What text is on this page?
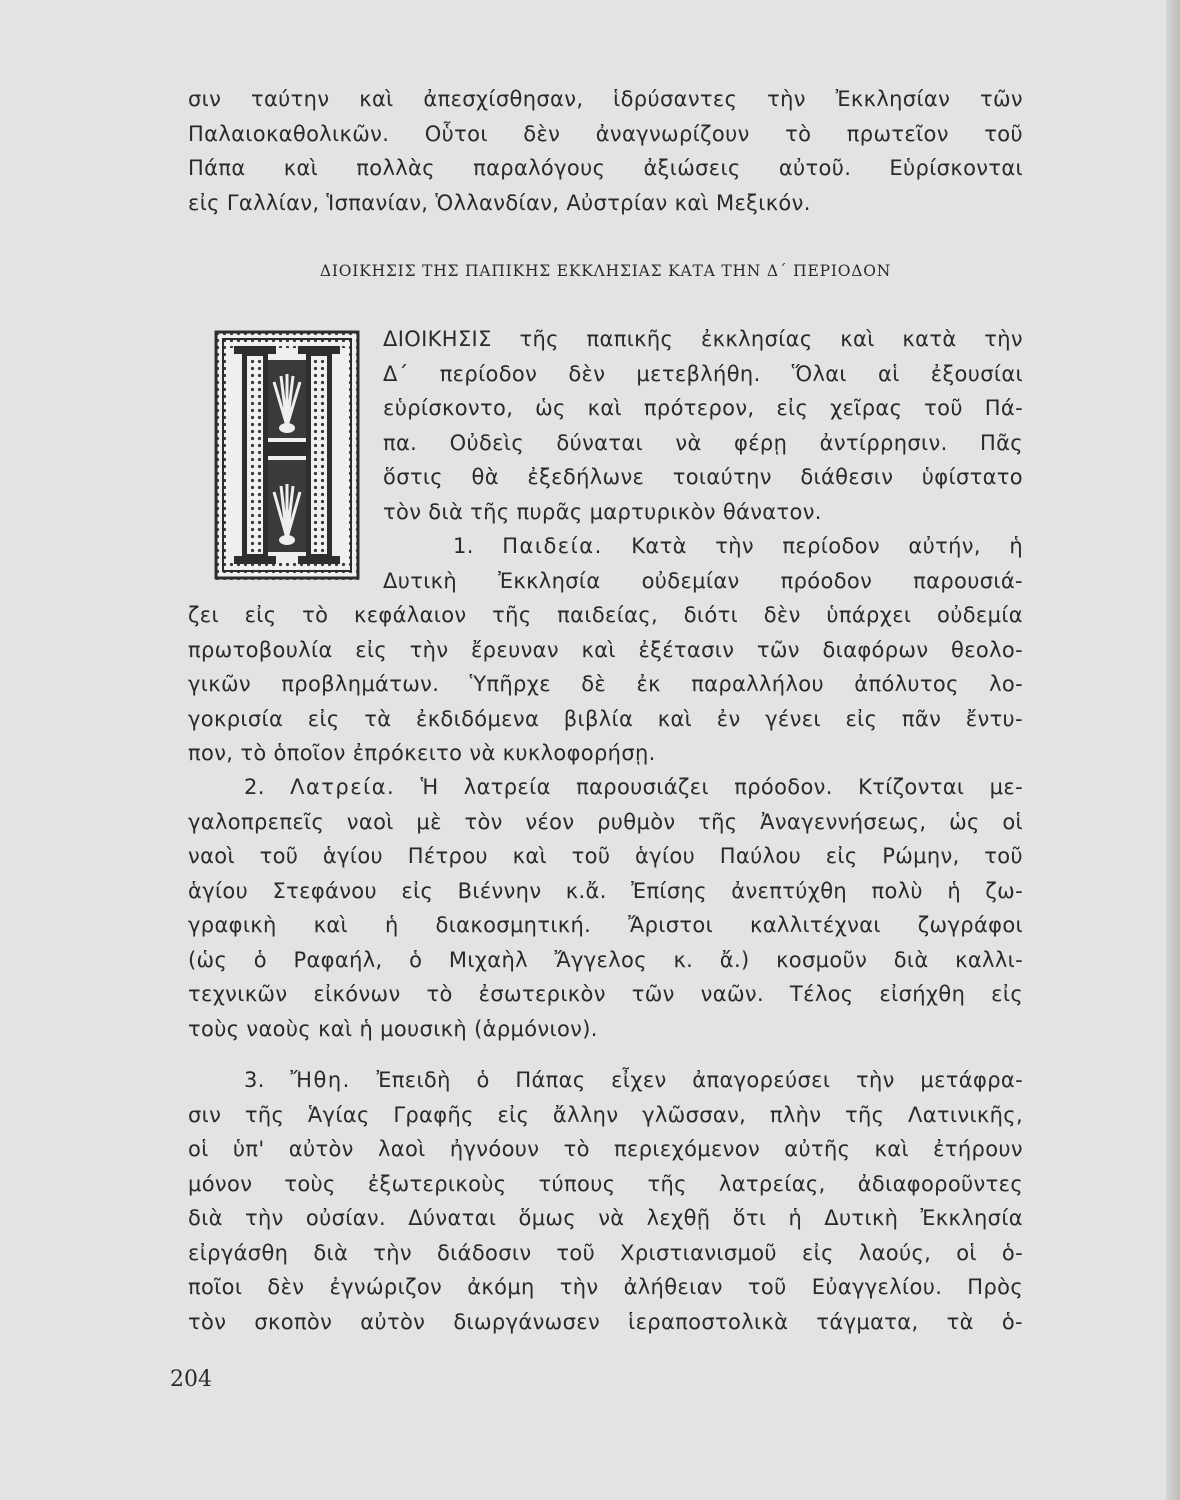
σιν ταύτην καὶ ἀπεσχίσθησαν, ἱδρύσαντες τὴν Ἐκκλησίαν τῶν
Παλαιοκαθολικῶν. Οὗτοι δὲν ἀναγνωρίζουν τὸ πρωτεῖον τοῦ
Πάπα καὶ πολλὰς παραλόγους ἀξιώσεις αὐτοῦ. Εὑρίσκονται
εἰς Γαλλίαν, Ἱσπανίαν, Ὁλλανδίαν, Αὐστρίαν καὶ Μεξικόν.
ΔΙΟΙΚΗΣΙΣ ΤΗΣ ΠΑΠΙΚΗΣ ΕΚΚΛΗΣΙΑΣ ΚΑΤΑ ΤΗΝ Δ΄ ΠΕΡΙΟΔΟΝ
ΔΙΟΙΚΗΣΙΣ τῆς παπικῆς ἐκκλησίας καὶ κατὰ τὴν
Δ΄ περίοδον δὲν μετεβλήθη. Ὅλαι αἱ ἐξουσίαι
εὑρίσκοντο, ὡς καὶ πρότερον, εἰς χεῖρας τοῦ Πά-
πα. Οὐδεὶς δύναται νὰ φέρῃ ἀντίρρησιν. Πᾶς
ὅστις θὰ ἐξεδήλωνε τοιαύτην διάθεσιν ὑφίστατο
τὸν διὰ τῆς πυρᾶς μαρτυρικὸν θάνατον.
1. Παιδεία. Κατὰ τὴν περίοδον αὐτήν, ἡ
Δυτικὴ Ἐκκλησία οὐδεμίαν πρόοδον παρουσιά-
ζει εἰς τὸ κεφάλαιον τῆς παιδείας, διότι δὲν ὑπάρχει οὐδεμία
πρωτοβουλία εἰς τὴν ἔρευναν καὶ ἐξέτασιν τῶν διαφόρων θεολο-
γικῶν προβλημάτων. Ὑπῆρχε δὲ ἐκ παραλλήλου ἀπόλυτος λο-
γοκρισία εἰς τὰ ἐκδιδόμενα βιβλία καὶ ἐν γένει εἰς πᾶν ἔντυ-
πον, τὸ ὁποῖον ἐπρόκειτο νὰ κυκλοφορήσῃ.
2. Λατρεία. Ἡ λατρεία παρουσιάζει πρόοδον. Κτίζονται με-
γαλοπρεπεῖς ναοὶ μὲ τὸν νέον ρυθμὸν τῆς Ἀναγεννήσεως, ὡς οἱ
ναοὶ τοῦ ἁγίου Πέτρου καὶ τοῦ ἁγίου Παύλου εἰς Ρώμην, τοῦ
ἁγίου Στεφάνου εἰς Βιέννην κ.ἄ. Ἐπίσης ἀνεπτύχθη πολὺ ἡ ζω-
γραφικὴ καὶ ἡ διακοσμητική. Ἄριστοι καλλιτέχναι ζωγράφοι
(ὡς ὁ Ραφαήλ, ὁ Μιχαὴλ Ἄγγελος κ. ἄ.) κοσμοῦν διὰ καλλι-
τεχνικῶν εἰκόνων τὸ ἐσωτερικὸν τῶν ναῶν. Τέλος εἰσήχθη εἰς
τοὺς ναοὺς καὶ ἡ μουσικὴ (ἁρμόνιον).
3. Ἤθη. Ἐπειδὴ ὁ Πάπας εἶχεν ἀπαγορεύσει τὴν μετάφρα-
σιν τῆς Ἁγίας Γραφῆς εἰς ἄλλην γλῶσσαν, πλὴν τῆς Λατινικῆς,
οἱ ὑπ' αὐτὸν λαοὶ ἠγνόουν τὸ περιεχόμενον αὐτῆς καὶ ἐτήρουν
μόνον τοὺς ἐξωτερικοὺς τύπους τῆς λατρείας, ἀδιαφοροῦντες
διὰ τὴν οὐσίαν. Δύναται ὅμως νὰ λεχθῇ ὅτι ἡ Δυτικὴ Ἐκκλησία
εἰργάσθη διὰ τὴν διάδοσιν τοῦ Χριστιανισμοῦ εἰς λαούς, οἱ ὁ-
ποῖοι δὲν ἐγνώριζον ἀκόμη τὴν ἀλήθειαν τοῦ Εὐαγγελίου. Πρὸς
τὸν σκοπὸν αὐτὸν διωργάνωσεν ἱεραποστολικὰ τάγματα, τὰ ὁ-
204
